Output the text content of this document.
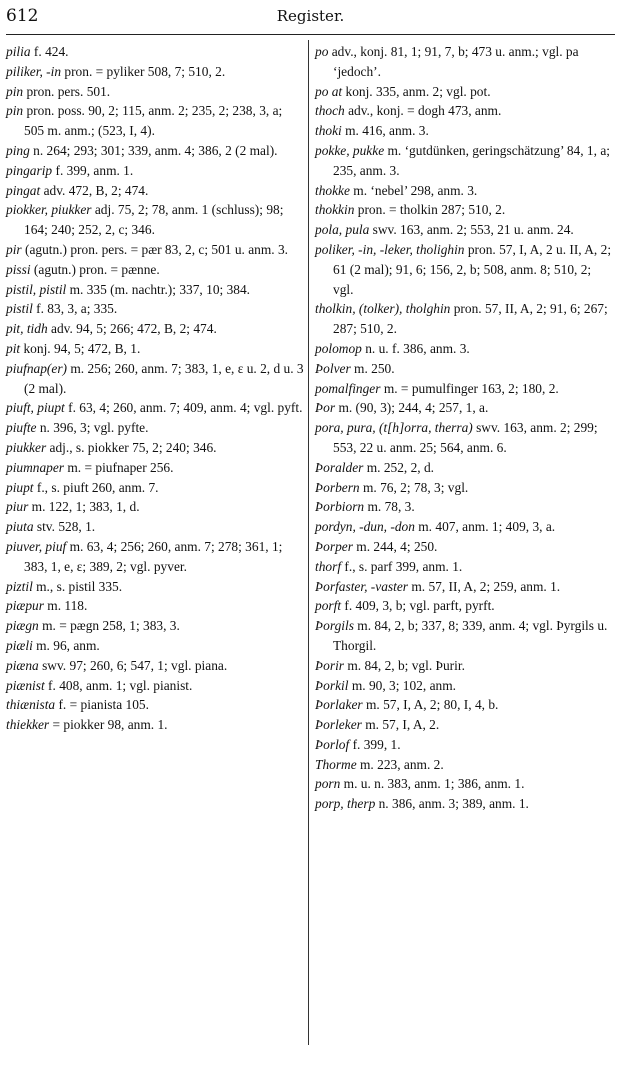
612	Register.
pilia f. 424.
piliker, -in pron. = pyliker 508, 7; 510, 2.
pin pron. pers. 501.
pin pron. poss. 90, 2; 115, anm. 2; 235, 2; 238, 3, a; 505 m. anm.; (523, I, 4).
ping n. 264; 293; 301; 339, anm. 4; 386, 2 (2 mal).
pingarip f. 399, anm. 1.
pingat adv. 472, B, 2; 474.
piokker, piukker adj. 75, 2; 78, anm. 1 (schluss); 98; 164; 240; 252, 2, c; 346.
pir (agutn.) pron. pers. = pær 83, 2, c; 501 u. anm. 3.
pissi (agutn.) pron. = pænne.
pistil, pistil m. 335 (m. nachtr.); 337, 10; 384.
pistil f. 83, 3, a; 335.
pit, tidh adv. 94, 5; 266; 472, B, 2; 474.
pit konj. 94, 5; 472, B, 1.
piufnap(er) m. 256; 260, anm. 7; 383, 1, e, ε u. 2, d u. 3 (2 mal).
piuft, piupt f. 63, 4; 260, anm. 7; 409, anm. 4; vgl. pyft.
piufte n. 396, 3; vgl. pyfte.
piukker adj., s. piokker 75, 2; 240; 346.
piumnaper m. = piufnaper 256.
piupt f., s. piuft 260, anm. 7.
piur m. 122, 1; 383, 1, d.
piuta stv. 528, 1.
piuver, piuf m. 63, 4; 256; 260, anm. 7; 278; 361, 1; 383, 1, e, ε; 389, 2; vgl. pyver.
piztil m., s. pistil 335.
piæpur m. 118.
piægn m. = pægn 258, 1; 383, 3.
piæli m. 96, anm.
piæna swv. 97; 260, 6; 547, 1; vgl. piana.
piænist f. 408, anm. 1; vgl. pianist.
thiænista f. = pianista 105.
thiekker = piokker 98, anm. 1.
po adv., konj. 81, 1; 91, 7, b; 473 u. anm.; vgl. pa ‘jedoch’.
po at konj. 335, anm. 2; vgl. pot.
thoch adv., konj. = dogh 473, anm.
thoki m. 416, anm. 3.
pokke, pukke m. ‘gutdünken, geringschätzung’ 84, 1, a; 235, anm. 3.
thokke m. ‘nebel’ 298, anm. 3.
thokkin pron. = tholkin 287; 510, 2.
pola, pula swv. 163, anm. 2; 553, 21 u. anm. 24.
poliker, -in, -leker, tholighin pron. 57, I, A, 2 u. II, A, 2; 61 (2 mal); 91, 6; 156, 2, b; 508, anm. 8; 510, 2; vgl.
tholkin, (tolker), tholghin pron. 57, II, A, 2; 91, 6; 267; 287; 510, 2.
polomop n. u. f. 386, anm. 3.
Þolver m. 250.
pomalfinger m. = pumulfinger 163, 2; 180, 2.
Þor m. (90, 3); 244, 4; 257, 1, a.
pora, pura, (t[h]orra, therra) swv. 163, anm. 2; 299; 553, 22 u. anm. 25; 564, anm. 6.
Þoralder m. 252, 2, d.
Þorbern m. 76, 2; 78, 3; vgl.
Þorbiorn m. 78, 3.
pordyn, -dun, -don m. 407, anm. 1; 409, 3, a.
Þorper m. 244, 4; 250.
thorf f., s. parf 399, anm. 1.
Þorfaster, -vaster m. 57, II, A, 2; 259, anm. 1.
porft f. 409, 3, b; vgl. parft, pyrft.
Þorgils m. 84, 2, b; 337, 8; 339, anm. 4; vgl. Þyrgils u. Thorgil.
Þorir m. 84, 2, b; vgl. Þurir.
Þorkil m. 90, 3; 102, anm.
Þorlaker m. 57, I, A, 2; 80, I, 4, b.
Þorleker m. 57, I, A, 2.
Þorlof f. 399, 1.
Thorme m. 223, anm. 2.
porn m. u. n. 383, anm. 1; 386, anm. 1.
porp, therp n. 386, anm. 3; 389, anm. 1.
